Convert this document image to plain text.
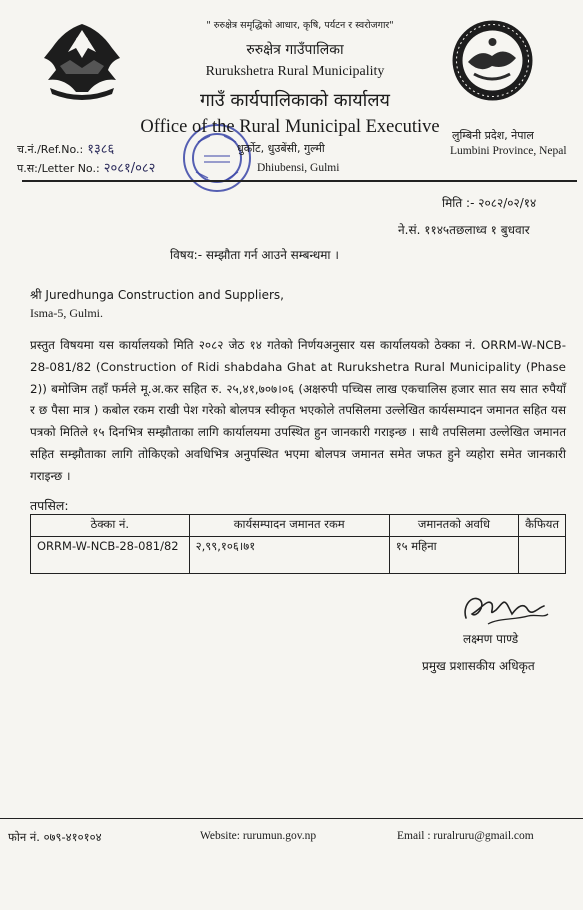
" रुरुक्षेत्र समृद्धिको आधार, कृषि, पर्यटन र स्वरोजगार"
रुरुक्षेत्र गाउँपालिका
Rurukshetra Rural Municipality
गाउँ कार्यपालिकाको कार्यालय
Office of the Rural Municipal Executive
धुर्कोट, धुउबेंसी, गुल्मी
Dhiubensi, Gulmi
लुम्बिनी प्रदेश, नेपाल
Lumbini Province, Nepal
च.नं./Ref.No.: १३८६
प.स:/Letter No.: २०८१/०८२
मिति :- २०८२/०२/१४
ने.सं. ११४५तछलाध्व १ बुधवार
विषय:- सम्झौता गर्न आउने सम्बन्धमा ।
श्री Juredhunga Construction and Suppliers,
Isma-5, Gulmi.
प्रस्तुत विषयमा यस कार्यालयको मिति २०८२ जेठ १४ गतेको निर्णयअनुसार यस कार्यालयको ठेक्का नं. ORRM-W-NCB-28-081/82 (Construction of Ridi shabdaha Ghat at Rurukshetra Rural Municipality (Phase 2)) बमोजिम तहाँ फर्मले मू.अ.कर सहित रु. २५,४१,७०७।०६ (अक्षरुपी पच्चिस लाख एकचालिस हजार सात सय सात रुपैयाँ र छ पैसा मात्र ) कबोल रकम राखी पेश गरेको बोलपत्र स्वीकृत भएकोले तपसिलमा उल्लेखित कार्यसम्पादन जमानत सहित यस पत्रको मितिले १५ दिनभित्र सम्झौताका लागि कार्यालयमा उपस्थित हुन जानकारी गराइन्छ । साथै तपसिलमा उल्लेखित जमानत सहित सम्झौताका लागि तोकिएको अवधिभित्र अनुपस्थित भएमा बोलपत्र जमानत समेत जफत हुने व्यहोरा समेत जानकारी गराइन्छ ।
तपसिल:
ठेक्का नं.	कार्यसम्पादन जमानत रकम	जमानतको अवधि	कैफियत
ORRM-W-NCB-28-081/82	२,९९,१०६।७१	१५ महिना	
लक्ष्मण पाण्डे
प्रमुख प्रशासकीय अधिकृत
फोन नं. ०७९-४१०१०४	Website: rurumun.gov.np	Email : ruralruru@gmail.com
